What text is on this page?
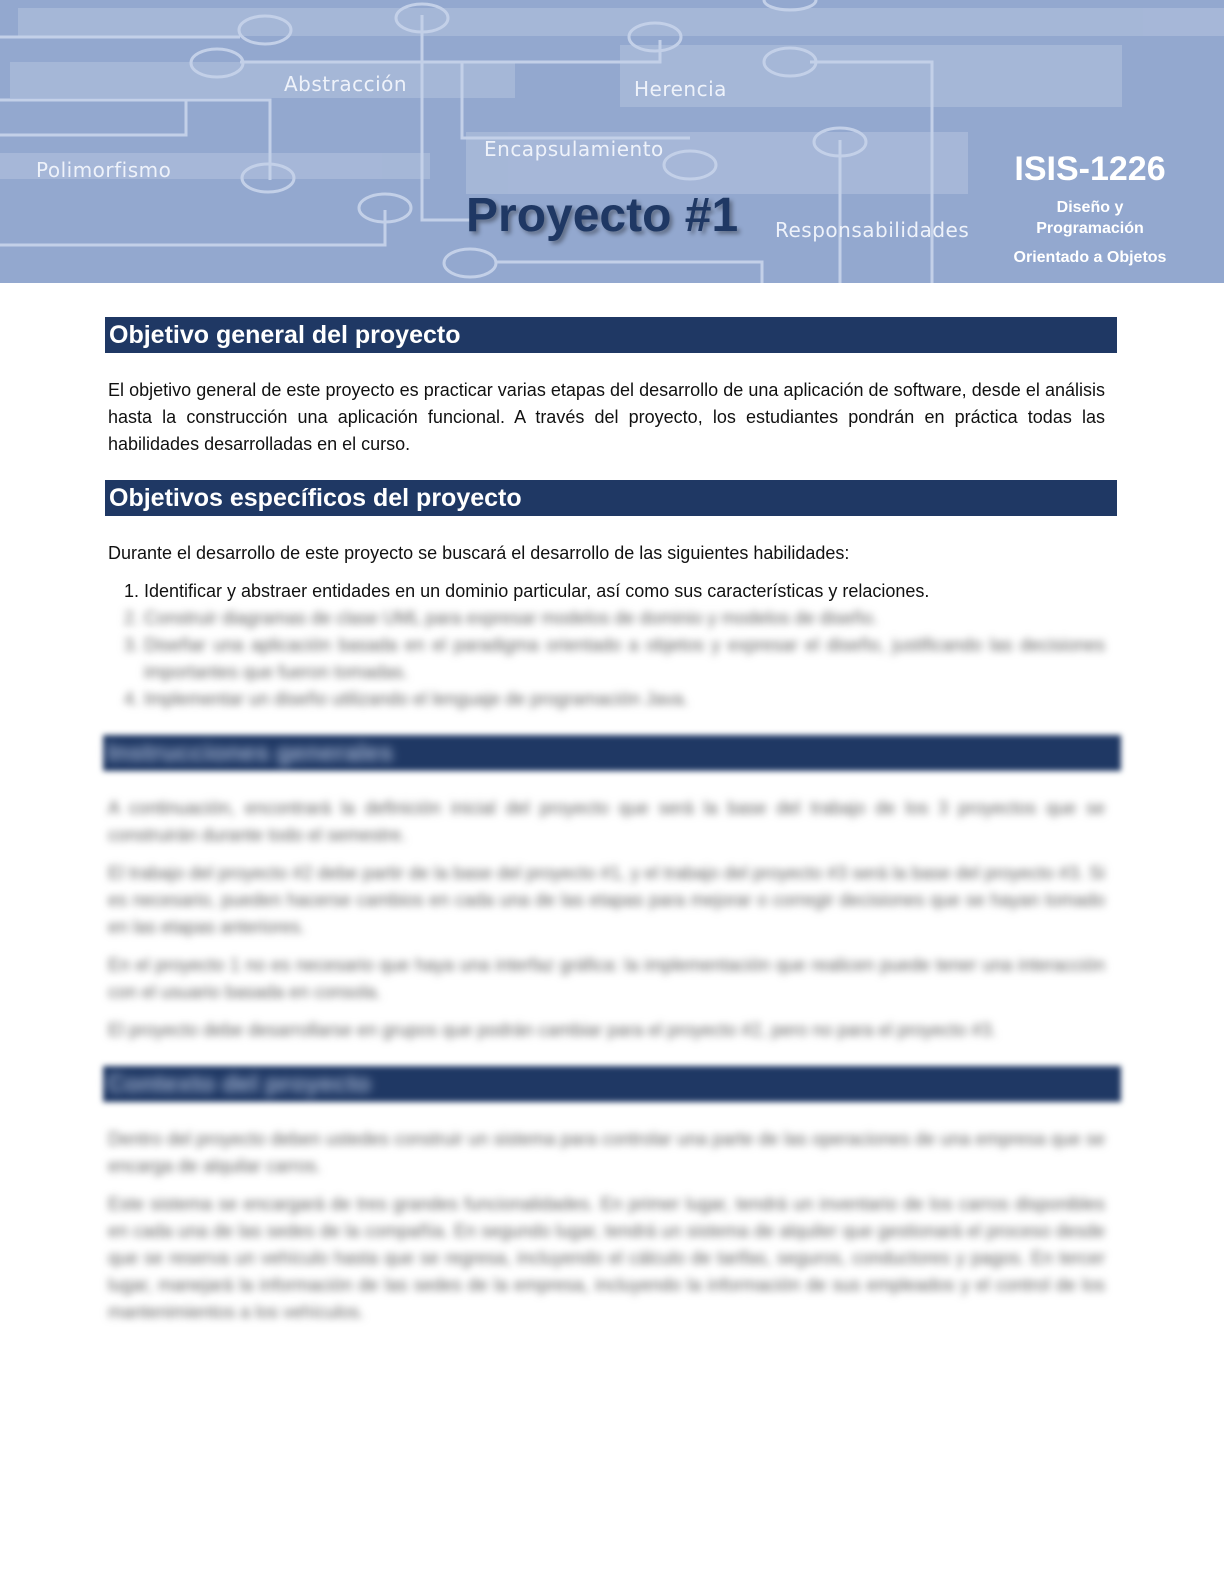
Abstracción	Herencia
Encapsulamiento
Polimorfismo
Responsabilidades
Proyecto #1
ISIS-1226
Diseño y Programación
Orientado a Objetos
Objetivo general del proyecto
El objetivo general de este proyecto es practicar varias etapas del desarrollo de una aplicación de software, desde el análisis hasta la construcción una aplicación funcional. A través del proyecto, los estudiantes pondrán en práctica todas las habilidades desarrolladas en el curso.
Objetivos específicos del proyecto
Durante el desarrollo de este proyecto se buscará el desarrollo de las siguientes habilidades:
1. Identificar y abstraer entidades en un dominio particular, así como sus características y relaciones.
2. Construir diagramas de clase UML para expresar modelos de dominio y modelos de diseño.
3. Diseñar una aplicación basada en el paradigma orientado a objetos y expresar el diseño, justificando las decisiones importantes que fueron tomadas.
4. Implementar un diseño utilizando el lenguaje de programación Java.
Instrucciones generales

A continuación, encontrará la definición inicial del proyecto que será la base del trabajo de los 3 proyectos que se construirán durante todo el semestre.

El trabajo del proyecto #2 debe partir de la base del proyecto #1, y el trabajo del proyecto #3 será la base del proyecto #3. Si es necesario, pueden hacerse cambios en cada una de las etapas para mejorar o corregir decisiones que se hayan tomado en las etapas anteriores.

En el proyecto 1 no es necesario que haya una interfaz gráfica: la implementación que realicen puede tener una interacción con el usuario basada en consola.

El proyecto debe desarrollarse en grupos que podrán cambiar para el proyecto #2, pero no para el proyecto #3.

Contexto del proyecto

Dentro del proyecto deben ustedes construir un sistema para controlar una parte de las operaciones de una empresa que se encarga de alquilar carros.

Este sistema se encargará de tres grandes funcionalidades. En primer lugar, tendrá un inventario de los carros disponibles en cada una de las sedes de la compañía. En segundo lugar, tendrá un sistema de alquiler que gestionará el proceso desde que se reserva un vehículo hasta que se regresa, incluyendo el cálculo de tarifas, seguros, conductores y pagos. En tercer lugar, manejará la información de las sedes de la empresa, incluyendo la información de sus empleados y el control de los mantenimientos a los vehículos.
